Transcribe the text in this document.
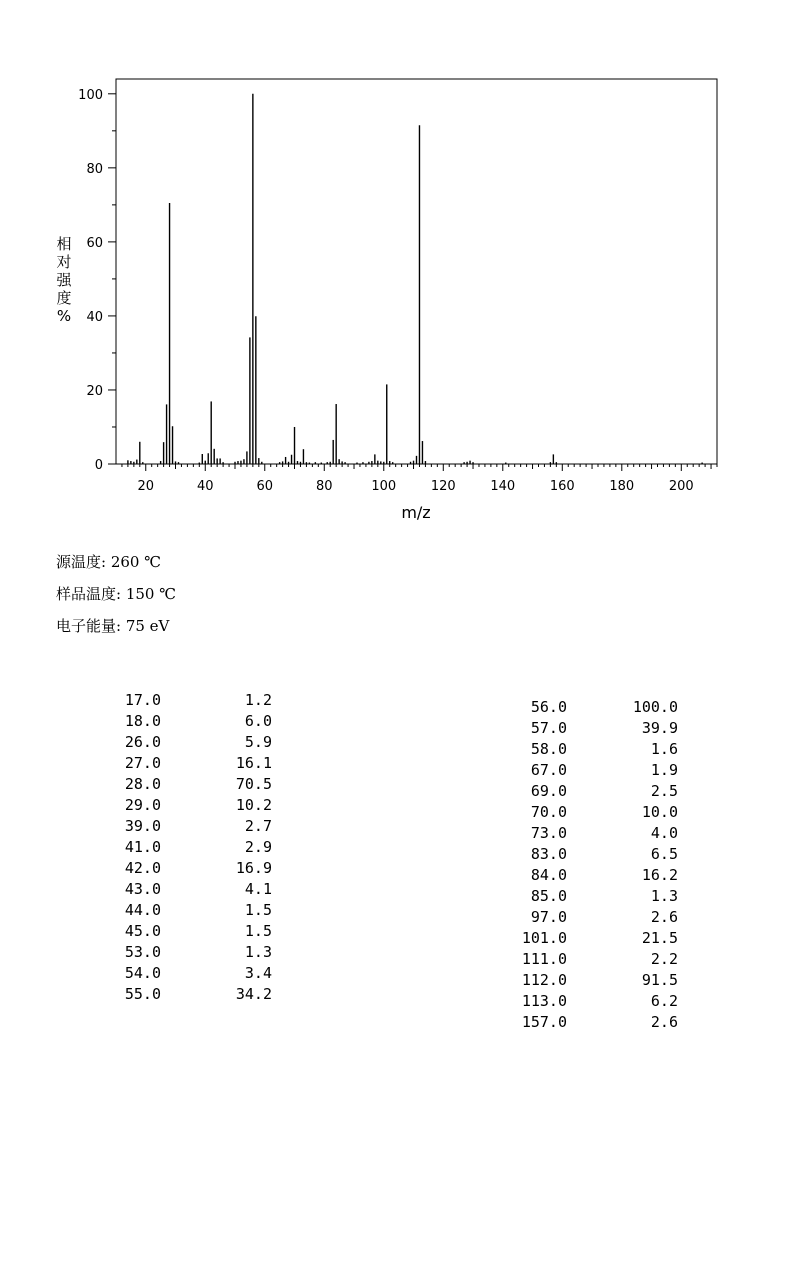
20	40	60	80	100	120	140	160	180	200
0
20
40
60
80
100
m/z
相
对
强
度
%
源温度: 260 ℃
样品温度: 150 ℃
电子能量: 75 eV
17.0	1.2
18.0	6.0
26.0	5.9
27.0	16.1
28.0	70.5
29.0	10.2
39.0	2.7
41.0	2.9
42.0	16.9
43.0	4.1
44.0	1.5
45.0	1.5
53.0	1.3
54.0	3.4
55.0	34.2
56.0	100.0
57.0	39.9
58.0	1.6
67.0	1.9
69.0	2.5
70.0	10.0
73.0	4.0
83.0	6.5
84.0	16.2
85.0	1.3
97.0	2.6
101.0	21.5
111.0	2.2
112.0	91.5
113.0	6.2
157.0	2.6
